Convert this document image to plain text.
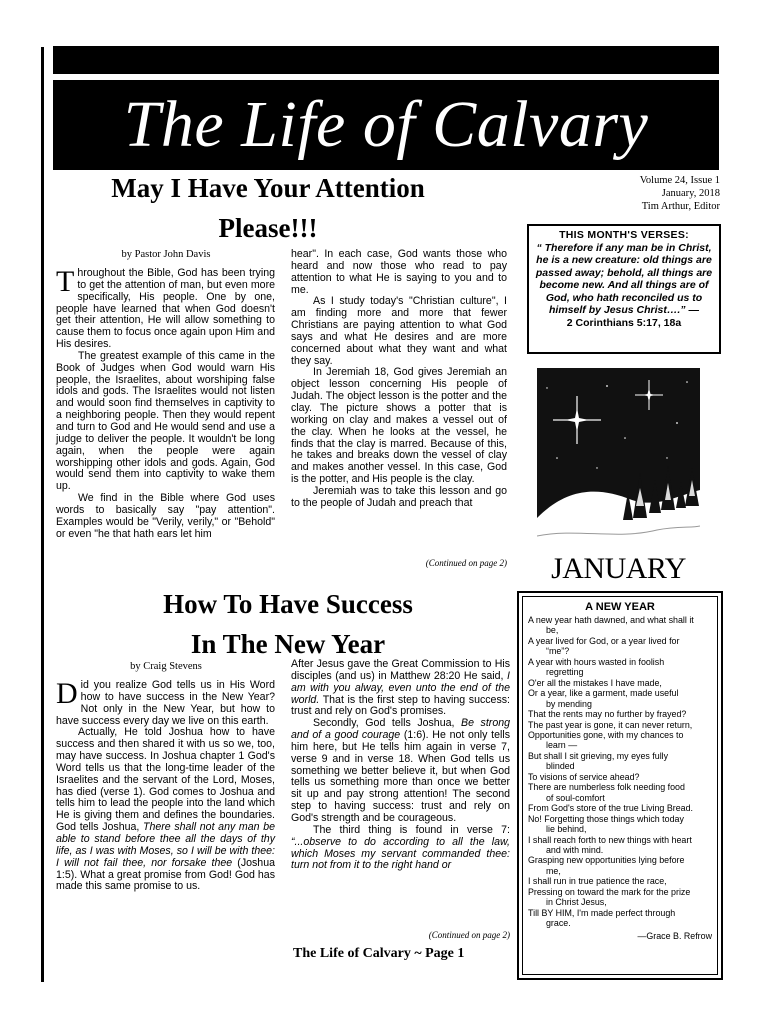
The Life of Calvary
May I Have Your Attention
Please!!!
by Pastor John Davis

Throughout the Bible, God has been trying to get the attention of man, but even more specifically, His people. One by one, people have learned that when God doesn't get their attention, He will allow something to cause them to focus once again upon Him and His desires.

The greatest example of this came in the Book of Judges when God would warn His people, the Israelites, about worshiping false idols and gods. The Israelites would not listen and would soon find themselves in captivity to a neighboring people. Then they would repent and turn to God and He would send and use a judge to deliver the people. It wouldn't be long again, when the people were again worshipping other idols and gods. Again, God would send them into captivity to wake them up.

We find in the Bible where God uses words to basically say "pay attention". Examples would be "Verily, verily," or "Behold" or even "he that hath ears let him

hear". In each case, God wants those who heard and now those who read to pay attention to what He is saying to you and to me.

As I study today's "Christian culture", I am finding more and more that fewer Christians are paying attention to what God says and what He desires and are more concerned about what they want and what they say.

In Jeremiah 18, God gives Jeremiah an object lesson concerning His people of Judah. The object lesson is the potter and the clay. The picture shows a potter that is working on clay and makes a vessel out of the clay. When he looks at the vessel, he finds that the clay is marred. Because of this, he takes and breaks down the vessel of clay and makes another vessel. In this case, God is the potter, and His people is the clay.

Jeremiah was to take this lesson and go to the people of Judah and preach that

(Continued on page 2)
Volume 24, Issue 1
January, 2018
Tim Arthur, Editor
THIS MONTH'S VERSES:
“ Therefore if any man be in Christ, he is a new creature: old things are passed away; behold, all things are become new. And all things are of God, who hath reconciled us to himself by Jesus Christ….” —
2 Corinthians 5:17, 18a
JANUARY
A NEW YEAR
A new year hath dawned, and what shall it
be,
A year lived for God, or a year lived for
“me”?
A year with hours wasted in foolish
regretting
O'er all the mistakes I have made,
Or a year, like a garment, made useful
by mending
That the rents may no further by frayed?
The past year is gone, it can never return,
Opportunities gone, with my chances to
learn —
But shall I sit grieving, my eyes fully
blinded
To visions of service ahead?
There are numberless folk needing food
of soul-comfort
From God's store of the true Living Bread.
No! Forgetting those things which today
lie behind,
I shall reach forth to new things with heart
and with mind.
Grasping new opportunities lying before
me,
I shall run in true patience the race,
Pressing on toward the mark for the prize
in Christ Jesus,
Till BY HIM, I'm made perfect through
grace.
—Grace B. Refrow
How To Have Success
In The New Year
by Craig Stevens

Did you realize God tells us in His Word how to have success in the New Year? Not only in the New Year, but how to have success every day we live on this earth.

Actually, He told Joshua how to have success and then shared it with us so we, too, may have success. In Joshua chapter 1 God's Word tells us that the long-time leader of the Israelites and the servant of the Lord, Moses, has died (verse 1). God comes to Joshua and tells him to lead the people into the land which He is giving them and defines the boundaries. God tells Joshua, There shall not any man be able to stand before thee all the days of thy life, as I was with Moses, so I will be with thee: I will not fail thee, nor forsake thee (Joshua 1:5). What a great promise from God! God has made this same promise to us.

After Jesus gave the Great Commission to His disciples (and us) in Matthew 28:20 He said, I am with you alway, even unto the end of the world. That is the first step to having success: trust and rely on God's promises.

Secondly, God tells Joshua, Be strong and of a good courage (1:6). He not only tells him here, but He tells him again in verse 7, verse 9 and in verse 18. When God tells us something we better believe it, but when God tells us something more than once we better sit up and pay strong attention! The second step to having success: trust and rely on God's strength and be courageous.

The third thing is found in verse 7: “...observe to do according to all the law, which Moses my servant commanded thee: turn not from it to the right hand or

(Continued on page 2)
The Life of Calvary ~ Page 1
